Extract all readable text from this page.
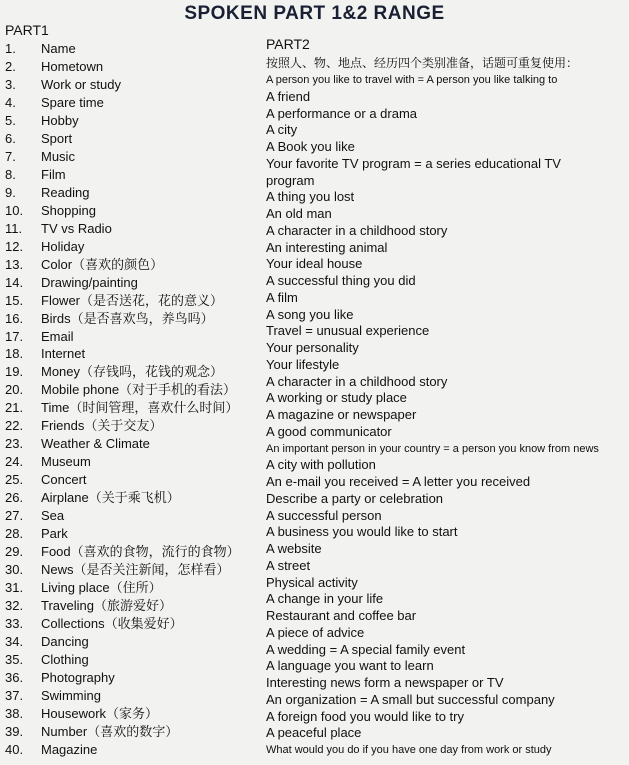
SPOKEN PART 1&2 RANGE
PART1
1.	Name
2.	Hometown
3.	Work or study
4.	Spare time
5.	Hobby
6.	Sport
7.	Music
8.	Film
9.	Reading
10.	Shopping
11.	TV vs Radio
12.	Holiday
13.	Color（喜欢的颜色）
14.	Drawing/painting
15.	Flower（是否送花，花的意义）
16.	Birds（是否喜欢鸟，养鸟吗）
17.	Email
18.	Internet
19.	Money（存钱吗，花钱的观念）
20.	Mobile phone（对于手机的看法）
21.	Time（时间管理，喜欢什么时间）
22.	Friends（关于交友）
23.	Weather & Climate
24.	Museum
25.	Concert
26.	Airplane（关于乘飞机）
27.	Sea
28.	Park
29.	Food（喜欢的食物，流行的食物）
30.	News（是否关注新闻，怎样看）
31.	Living place（住所）
32.	Traveling（旅游爱好）
33.	Collections（收集爱好）
34.	Dancing
35.	Clothing
36.	Photography
37.	Swimming
38.	Housework（家务）
39.	Number（喜欢的数字）
40.	Magazine
PART2
按照人、物、地点、经历四个类别准备，话题可重复使用：
A person you like to travel with = A person you like talking to
A friend
A performance or a drama
A city
A Book you like
Your favorite TV program = a series educational TV program
A thing you lost
An old man
A character in a childhood story
An interesting animal
Your ideal house
A successful thing you did
A film
A song you like
Travel = unusual experience
Your personality
Your lifestyle
A character in a childhood story
A working or study place
A magazine or newspaper
A good communicator
An important person in your country = a person you know from news
A city with pollution
An e-mail you received = A letter you received
Describe a party or celebration
A successful person
A business you would like to start
A website
A street
Physical activity
A change in your life
Restaurant and coffee bar
A piece of advice
A wedding = A special family event
A language you want to learn
Interesting news form a newspaper or TV
An organization = A small but successful company
A foreign food you would like to try
A peaceful place
What would you do if you have one day from work or study
